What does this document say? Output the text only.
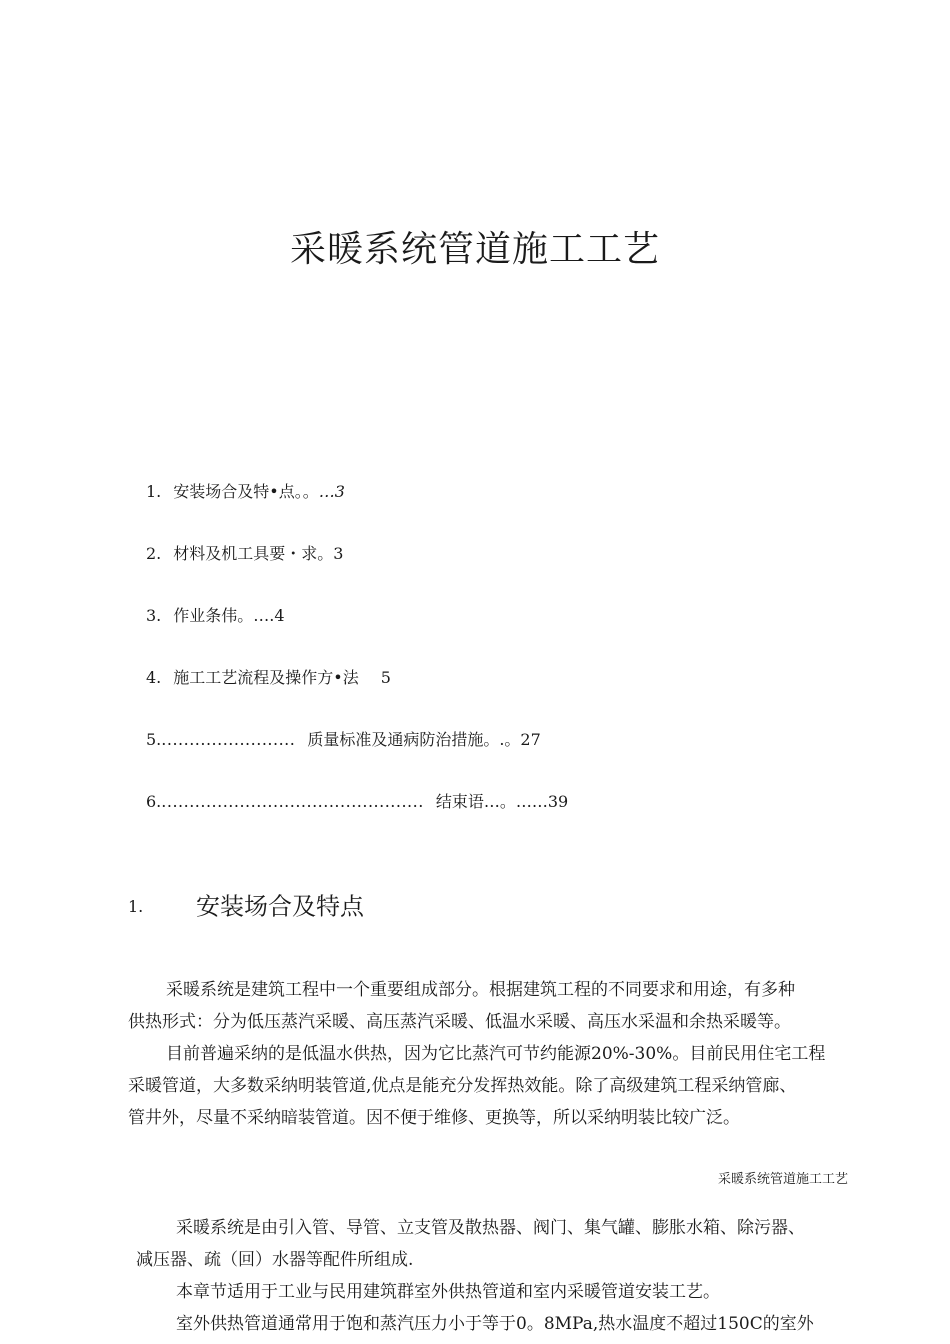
采暖系统管道施工工艺
1. 安装场合及特•点。。…3
2. 材料及机工具要・求。3
3. 作业条伟。….4
4. 施工工艺流程及操作方•法 5
5......................... 质量标准及通病防治措施。.。27
6................................................ 结束语…。……39
1. 安装场合及特点
采暖系统是建筑工程中一个重要组成部分。根据建筑工程的不同要求和用途，有多种
供热形式：分为低压蒸汽采暖、高压蒸汽采暖、低温水采暖、高压水采温和余热采暖等。
目前普遍采纳的是低温水供热，因为它比蒸汽可节约能源20%-30%。目前民用住宅工程
采暖管道，大多数采纳明装管道,优点是能充分发挥热效能。除了高级建筑工程采纳管廊、
管井外，尽量不采纳暗装管道。因不便于维修、更换等，所以采纳明装比较广泛。
采暖系统管道施工工艺
采暖系统是由引入管、导管、立支管及散热器、阀门、集气罐、膨胀水箱、除污器、
减压器、疏（回）水器等配件所组成.
本章节适用于工业与民用建筑群室外供热管道和室内采暖管道安装工艺。
室外供热管道通常用于饱和蒸汽压力小于等于0。8MPa,热水温度不超过150C的室外
